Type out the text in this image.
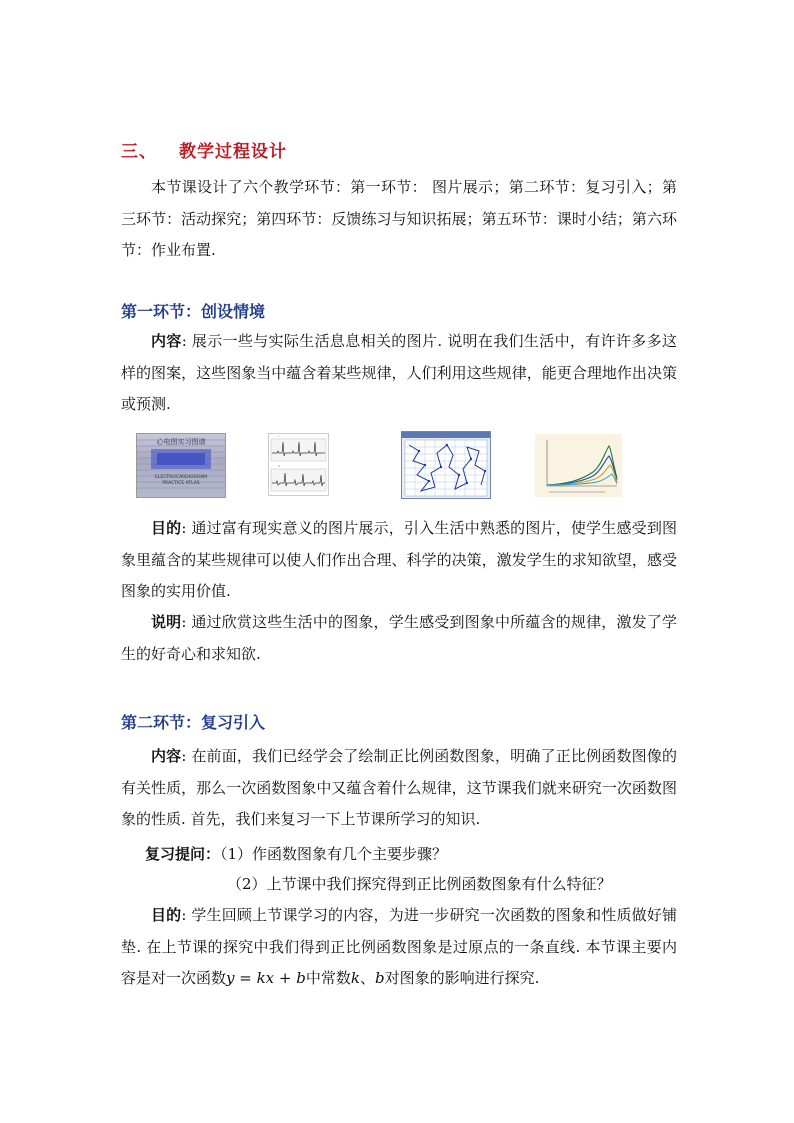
三、 教学过程设计

本节课设计了六个教学环节：第一环节： 图片展示；第二环节：复习引入；第三环节：活动探究；第四环节：反馈练习与知识拓展；第五环节：课时小结；第六环节：作业布置.

第一环节：创设情境

内容: 展示一些与实际生活息息相关的图片. 说明在我们生活中，有许许多多这样的图案，这些图象当中蕴含着某些规律，人们利用这些规律，能更合理地作出决策或预测.

心电图实习图谱
ELECTROCARDIOGRAM
PRACTICE ATLAS
I
II

目的: 通过富有现实意义的图片展示，引入生活中熟悉的图片，使学生感受到图象里蕴含的某些规律可以使人们作出合理、科学的决策，激发学生的求知欲望，感受图象的实用价值.

说明: 通过欣赏这些生活中的图象，学生感受到图象中所蕴含的规律，激发了学生的好奇心和求知欲.

第二环节：复习引入

内容: 在前面，我们已经学会了绘制正比例函数图象，明确了正比例函数图像的有关性质，那么一次函数图象中又蕴含着什么规律，这节课我们就来研究一次函数图象的性质. 首先，我们来复习一下上节课所学习的知识.

复习提问：（1）作函数图象有几个主要步骤？
（2）上节课中我们探究得到正比例函数图象有什么特征？

目的: 学生回顾上节课学习的内容，为进一步研究一次函数的图象和性质做好铺垫. 在上节课的探究中我们得到正比例函数图象是过原点的一条直线. 本节课主要内容是对一次函数y = kx + b中常数k、b对图象的影响进行探究.
